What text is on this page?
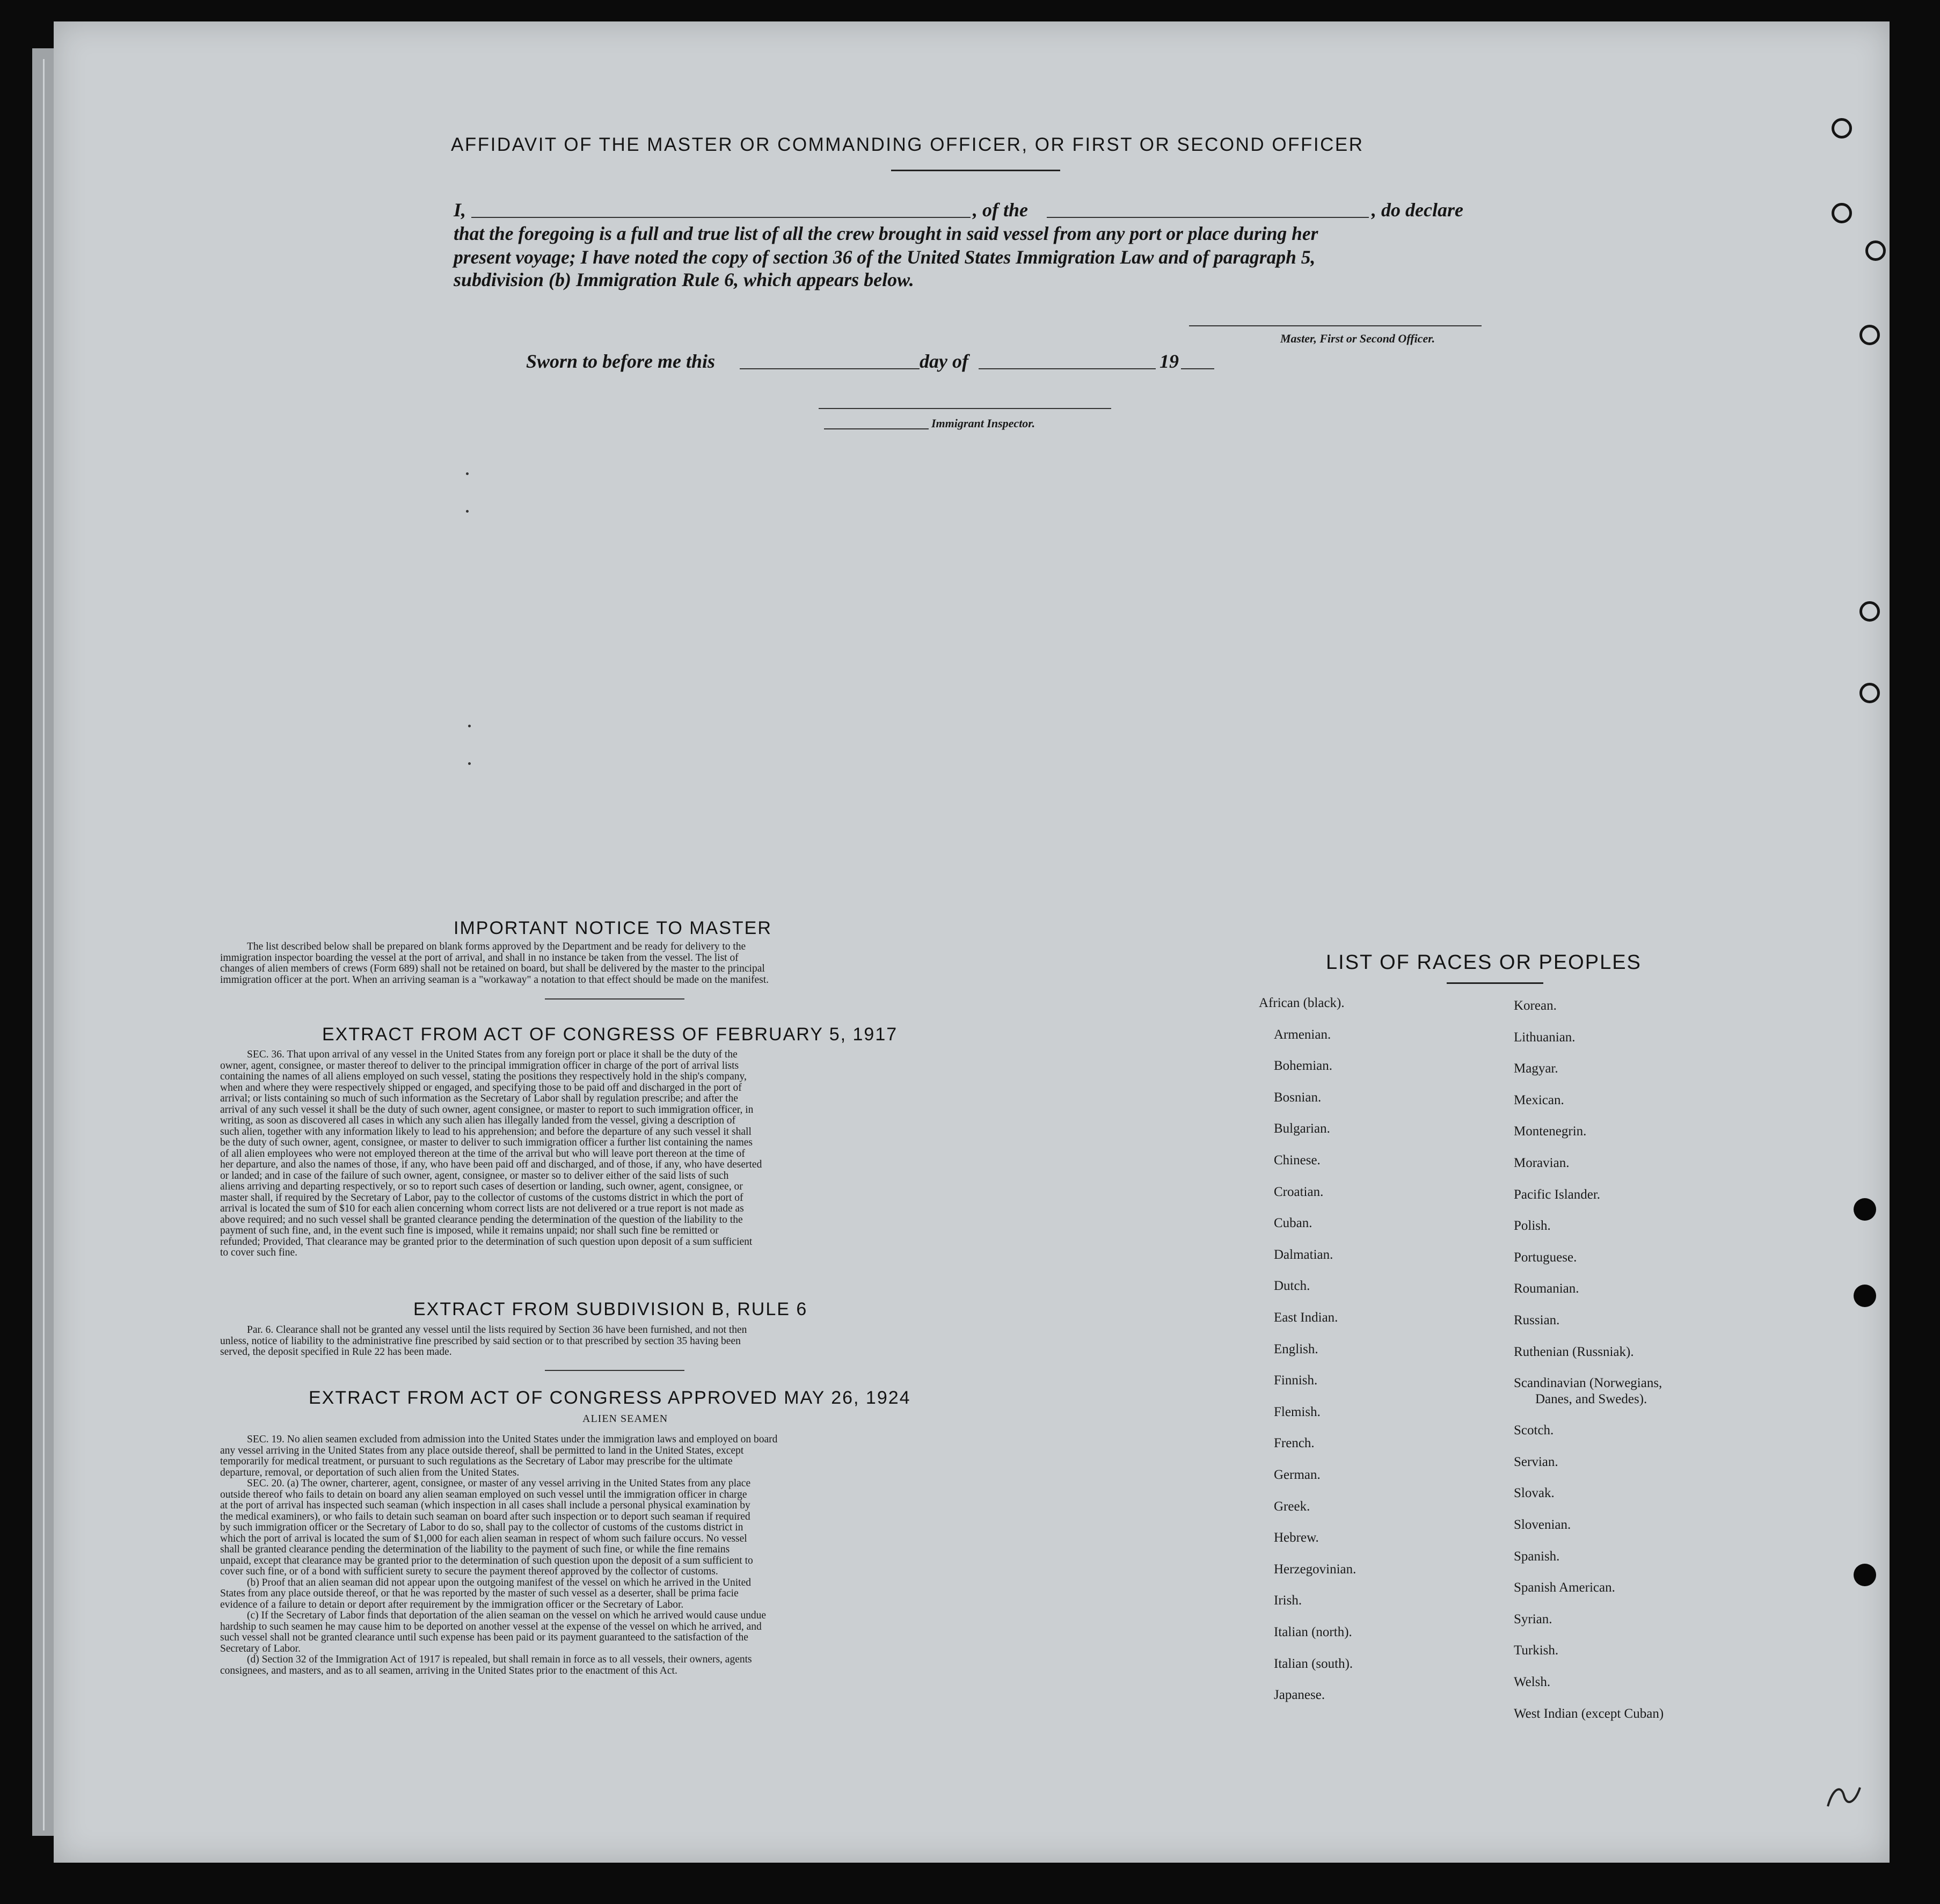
AFFIDAVIT OF THE MASTER OR COMMANDING OFFICER, OR FIRST OR SECOND OFFICER
I,	, of the	, do declare
that the foregoing is a full and true list of all the crew brought in said vessel from any port or place during her
present voyage; I have noted the copy of section 36 of the United States Immigration Law and of paragraph 5,
subdivision (b) Immigration Rule 6, which appears below.
Master, First or Second Officer.
Sworn to before me this	day of	19
Immigrant Inspector.
IMPORTANT NOTICE TO MASTER
The list described below shall be prepared on blank forms approved by the Department and be ready for delivery to the
immigration inspector boarding the vessel at the port of arrival, and shall in no instance be taken from the vessel. The list of
changes of alien members of crews (Form 689) shall not be retained on board, but shall be delivered by the master to the principal
immigration officer at the port. When an arriving seaman is a "workaway" a notation to that effect should be made on the manifest.
EXTRACT FROM ACT OF CONGRESS OF FEBRUARY 5, 1917
SEC. 36. That upon arrival of any vessel in the United States from any foreign port or place it shall be the duty of the
owner, agent, consignee, or master thereof to deliver to the principal immigration officer in charge of the port of arrival lists
containing the names of all aliens employed on such vessel, stating the positions they respectively hold in the ship's company,
when and where they were respectively shipped or engaged, and specifying those to be paid off and discharged in the port of
arrival; or lists containing so much of such information as the Secretary of Labor shall by regulation prescribe; and after the
arrival of any such vessel it shall be the duty of such owner, agent consignee, or master to report to such immigration officer, in
writing, as soon as discovered all cases in which any such alien has illegally landed from the vessel, giving a description of
such alien, together with any information likely to lead to his apprehension; and before the departure of any such vessel it shall
be the duty of such owner, agent, consignee, or master to deliver to such immigration officer a further list containing the names
of all alien employees who were not employed thereon at the time of the arrival but who will leave port thereon at the time of
her departure, and also the names of those, if any, who have been paid off and discharged, and of those, if any, who have deserted
or landed; and in case of the failure of such owner, agent, consignee, or master so to deliver either of the said lists of such
aliens arriving and departing respectively, or so to report such cases of desertion or landing, such owner, agent, consignee, or
master shall, if required by the Secretary of Labor, pay to the collector of customs of the customs district in which the port of
arrival is located the sum of $10 for each alien concerning whom correct lists are not delivered or a true report is not made as
above required; and no such vessel shall be granted clearance pending the determination of the question of the liability to the
payment of such fine, and, in the event such fine is imposed, while it remains unpaid; nor shall such fine be remitted or
refunded; Provided, That clearance may be granted prior to the determination of such question upon deposit of a sum sufficient
to cover such fine.
EXTRACT FROM SUBDIVISION B, RULE 6
Par. 6. Clearance shall not be granted any vessel until the lists required by Section 36 have been furnished, and not then
unless, notice of liability to the administrative fine prescribed by said section or to that prescribed by section 35 having been
served, the deposit specified in Rule 22 has been made.
EXTRACT FROM ACT OF CONGRESS APPROVED MAY 26, 1924
ALIEN SEAMEN
SEC. 19. No alien seamen excluded from admission into the United States under the immigration laws and employed on board
any vessel arriving in the United States from any place outside thereof, shall be permitted to land in the United States, except
temporarily for medical treatment, or pursuant to such regulations as the Secretary of Labor may prescribe for the ultimate
departure, removal, or deportation of such alien from the United States.
SEC. 20. (a) The owner, charterer, agent, consignee, or master of any vessel arriving in the United States from any place
outside thereof who fails to detain on board any alien seaman employed on such vessel until the immigration officer in charge
at the port of arrival has inspected such seaman (which inspection in all cases shall include a personal physical examination by
the medical examiners), or who fails to detain such seaman on board after such inspection or to deport such seaman if required
by such immigration officer or the Secretary of Labor to do so, shall pay to the collector of customs of the customs district in
which the port of arrival is located the sum of $1,000 for each alien seaman in respect of whom such failure occurs. No vessel
shall be granted clearance pending the determination of the liability to the payment of such fine, or while the fine remains
unpaid, except that clearance may be granted prior to the determination of such question upon the deposit of a sum sufficient to
cover such fine, or of a bond with sufficient surety to secure the payment thereof approved by the collector of customs.
(b) Proof that an alien seaman did not appear upon the outgoing manifest of the vessel on which he arrived in the United
States from any place outside thereof, or that he was reported by the master of such vessel as a deserter, shall be prima facie
evidence of a failure to detain or deport after requirement by the immigration officer or the Secretary of Labor.
(c) If the Secretary of Labor finds that deportation of the alien seaman on the vessel on which he arrived would cause undue
hardship to such seamen he may cause him to be deported on another vessel at the expense of the vessel on which he arrived, and
such vessel shall not be granted clearance until such expense has been paid or its payment guaranteed to the satisfaction of the
Secretary of Labor.
(d) Section 32 of the Immigration Act of 1917 is repealed, but shall remain in force as to all vessels, their owners, agents
consignees, and masters, and as to all seamen, arriving in the United States prior to the enactment of this Act.
LIST OF RACES OR PEOPLES
African (black).
Armenian.
Bohemian.
Bosnian.
Bulgarian.
Chinese.
Croatian.
Cuban.
Dalmatian.
Dutch.
East Indian.
English.
Finnish.
Flemish.
French.
German.
Greek.
Hebrew.
Herzegovinian.
Irish.
Italian (north).
Italian (south).
Japanese.
Korean.
Lithuanian.
Magyar.
Mexican.
Montenegrin.
Moravian.
Pacific Islander.
Polish.
Portuguese.
Roumanian.
Russian.
Ruthenian (Russniak).
Scandinavian (Norwegians,
Danes, and Swedes).
Scotch.
Servian.
Slovak.
Slovenian.
Spanish.
Spanish American.
Syrian.
Turkish.
Welsh.
West Indian (except Cuban)
